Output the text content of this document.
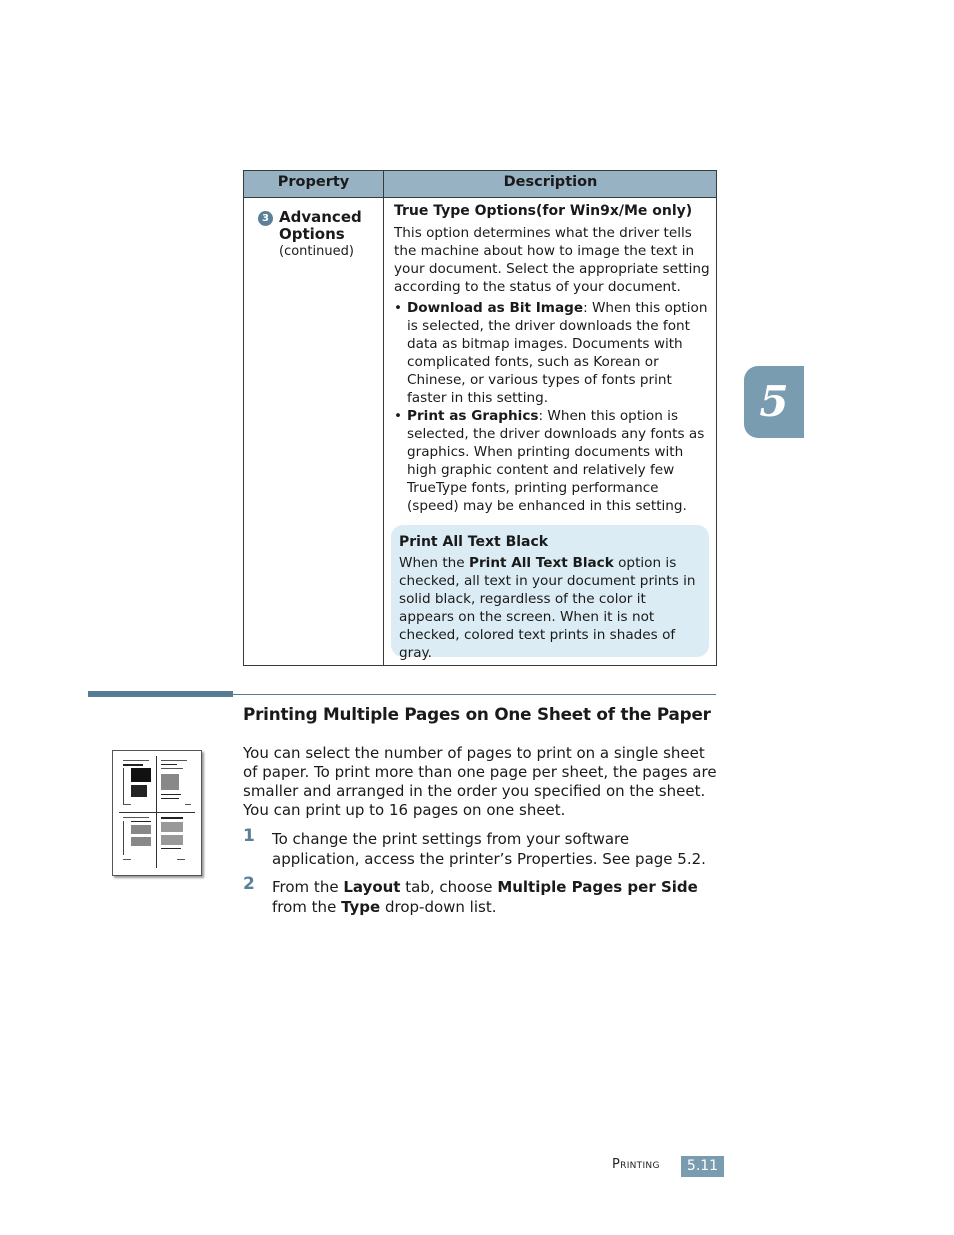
Property	Description
3 Advanced Options
(continued)
True Type Options(for Win9x/Me only)

This option determines what the driver tells the machine about how to image the text in your document. Select the appropriate setting according to the status of your document.

• Download as Bit Image: When this option is selected, the driver downloads the font data as bitmap images. Documents with complicated fonts, such as Korean or Chinese, or various types of fonts print faster in this setting.

• Print as Graphics: When this option is selected, the driver downloads any fonts as graphics. When printing documents with high graphic content and relatively few TrueType fonts, printing performance (speed) may be enhanced in this setting.

Print All Text Black
When the Print All Text Black option is checked, all text in your document prints in solid black, regardless of the color it appears on the screen. When it is not checked, colored text prints in shades of gray.
5
Printing Multiple Pages on One Sheet of the Paper

You can select the number of pages to print on a single sheet of paper. To print more than one page per sheet, the pages are smaller and arranged in the order you specified on the sheet. You can print up to 16 pages on one sheet.

1 To change the print settings from your software application, access the printer’s Properties. See page 5.2.
2 From the Layout tab, choose Multiple Pages per Side from the Type drop-down list.
Printing	5.11
